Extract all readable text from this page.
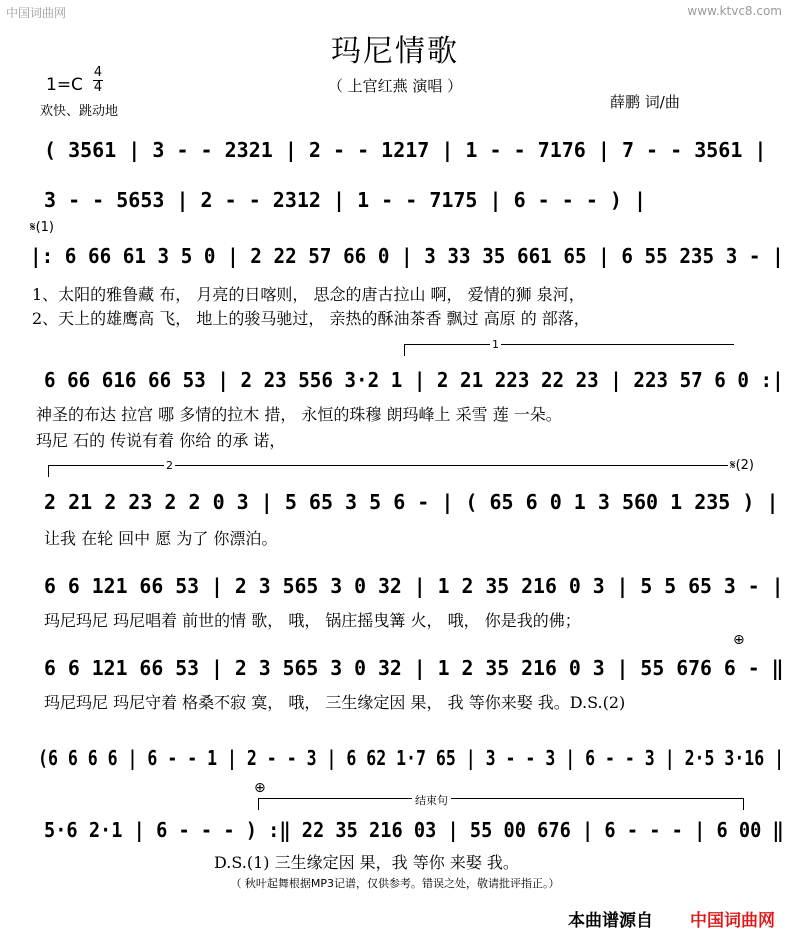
中国词曲网	www.ktvc8.com
玛尼情歌
（ 上官红燕 演唱 ）
1=C
4
4
欢快、跳动地
薛鹏 词/曲
( 3561 | 3 - - 2321 | 2 - - 1217 | 1 - - 7176 | 7 - - 3561 |
3 - - 5653 | 2 - - 2312 | 1 - - 7175 | 6 - - - ) |
𝄋(1)
|: 6 66 61 3 5 0 | 2 22 57 66 0 | 3 33 35 661 65 | 6 55 235 3 - |
1、太阳的雅鲁藏 布， 月亮的日喀则， 思念的唐古拉山 啊， 爱情的狮 泉河，
2、天上的雄鹰高 飞， 地上的骏马驰过， 亲热的酥油茶香 飘过 高原 的 部落，
1
6 66 616 66 53 | 2 23 556 3·2 1 | 2 21 223 22 23 | 223 57 6 0 :|
神圣的布达 拉宫 哪 多情的拉木 措， 永恒的珠穆 朗玛峰上 采雪 莲 一朵。
玛尼 石的 传说有着 你给 的承 诺，
2	𝄋(2)
2 21 2 23 2 2 0 3 | 5 65 3 5 6 - | ( 65 6 0 1 3 560 1 235 ) |
让我 在轮 回中 愿 为了 你漂泊。
6 6 121 66 53 | 2 3 565 3 0 32 | 1 2 35 216 0 3 | 5 5 65 3 - |
玛尼玛尼 玛尼唱着 前世的情 歌， 哦， 锅庄摇曳篝 火， 哦， 你是我的佛；
⊕
6 6 121 66 53 | 2 3 565 3 0 32 | 1 2 35 216 0 3 | 55 676 6 - ‖
玛尼玛尼 玛尼守着 格桑不寂 寞， 哦， 三生缘定因 果， 我 等你来娶 我。D.S.(2)
(6 6 6 6 | 6 - - 1 | 2 - - 3 | 6 62 1·7 65 | 3 - - 3 | 6 - - 3 | 2·5 3·16 |
⊕
结束句
5·6 2·1 | 6 - - - ) :‖ 22 35 216 03 | 55 00 676 | 6 - - - | 6 00 ‖
D.S.(1) 三生缘定因 果，我 等你 来娶 我。
（ 秋叶起舞根据MP3记谱，仅供参考。错误之处，敬请批评指正。）
本曲谱源自 中国词曲网
